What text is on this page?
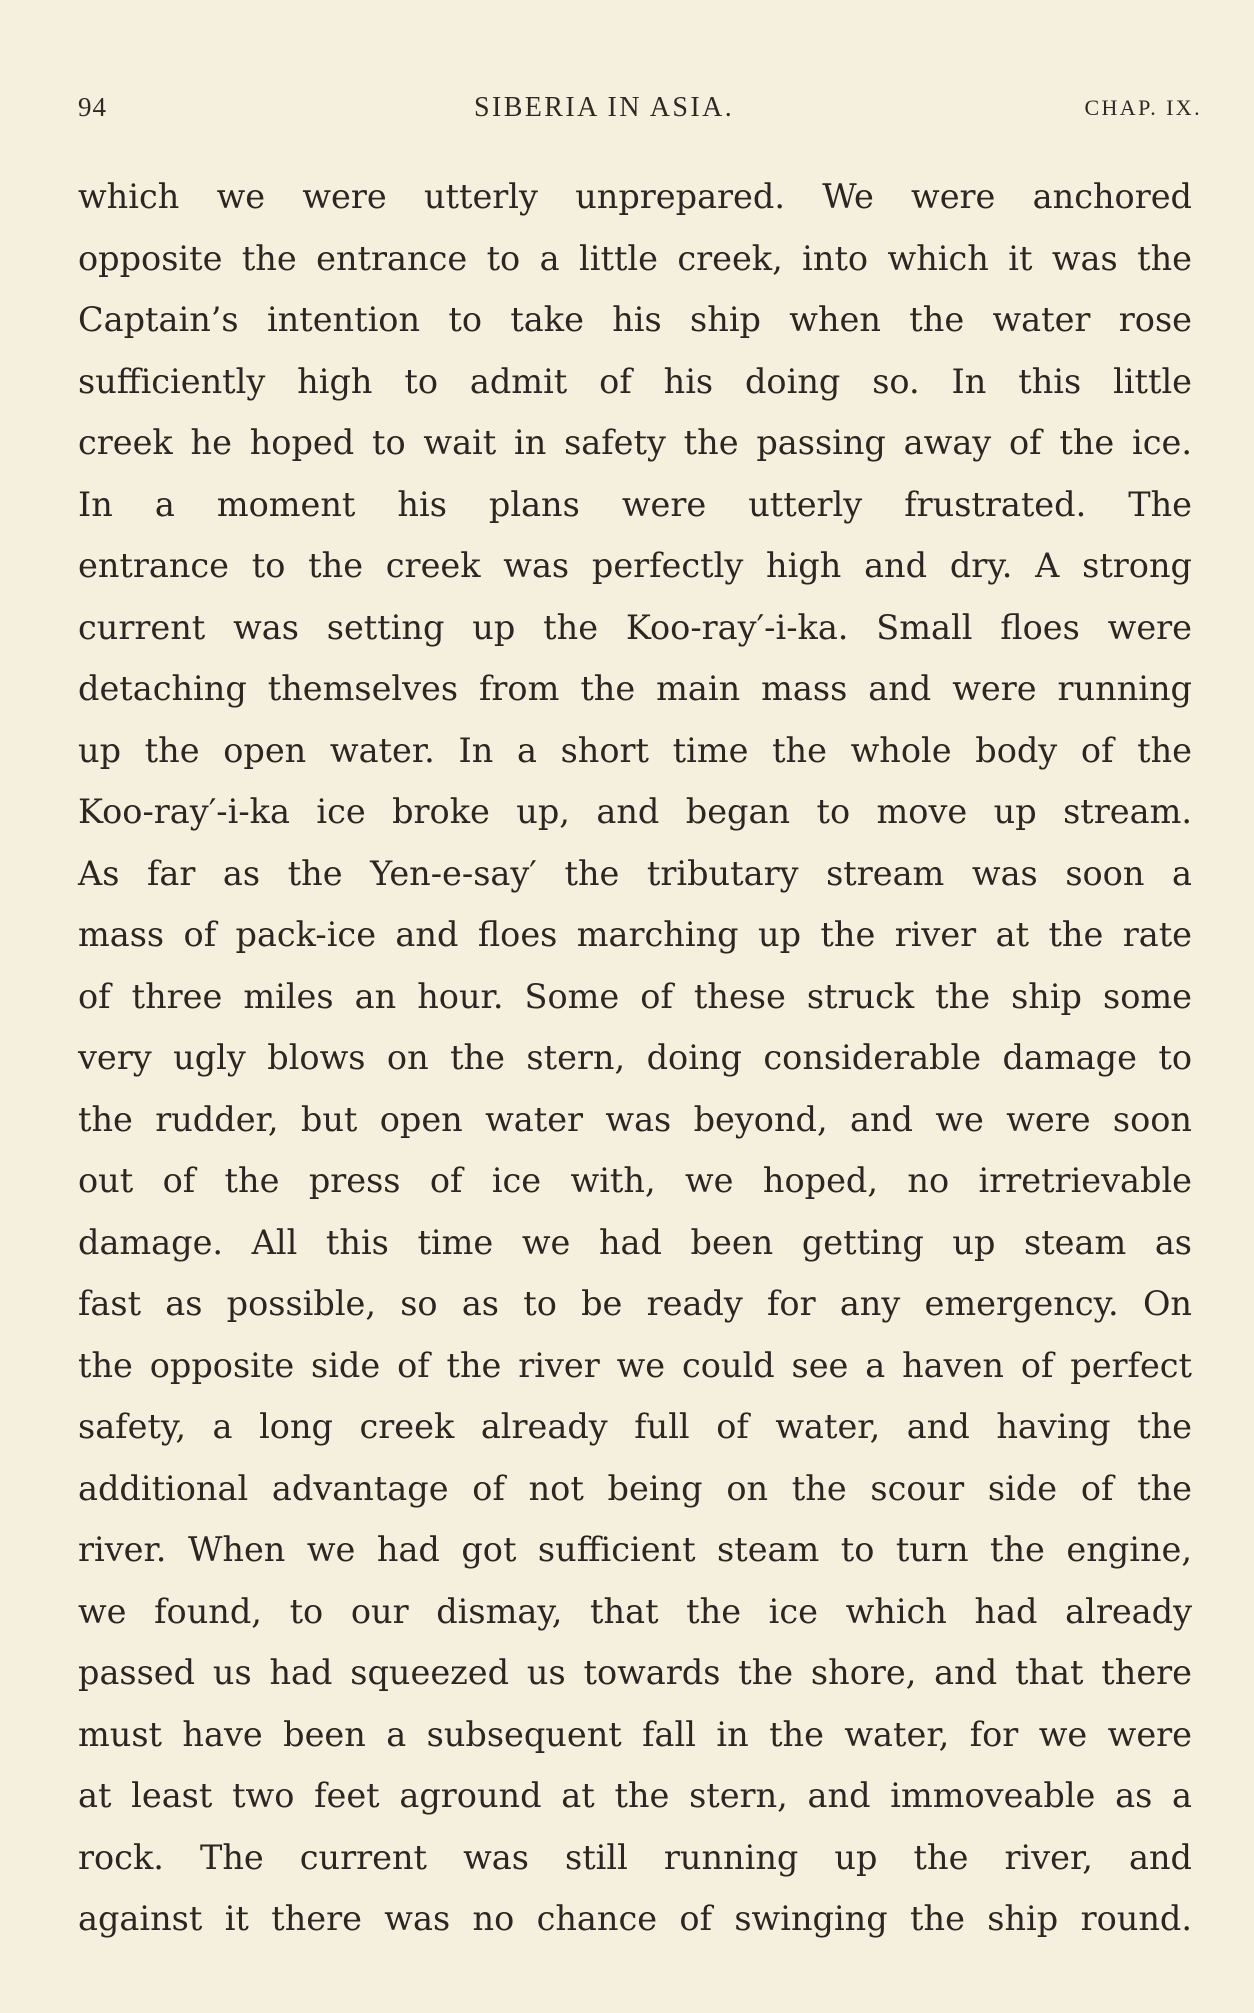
94	SIBERIA IN ASIA.	CHAP. IX.
which we were utterly unprepared. We were anchored
opposite the entrance to a little creek, into which it was the
Captain’s intention to take his ship when the water rose
sufficiently high to admit of his doing so. In this little
creek he hoped to wait in safety the passing away of the ice.
In a moment his plans were utterly frustrated. The
entrance to the creek was perfectly high and dry. A strong
current was setting up the Koo-ray′-i-ka. Small floes were
detaching themselves from the main mass and were running
up the open water. In a short time the whole body of the
Koo-ray′-i-ka ice broke up, and began to move up stream.
As far as the Yen-e-say′ the tributary stream was soon a
mass of pack-ice and floes marching up the river at the rate
of three miles an hour. Some of these struck the ship some
very ugly blows on the stern, doing considerable damage to
the rudder, but open water was beyond, and we were soon
out of the press of ice with, we hoped, no irretrievable
damage. All this time we had been getting up steam as
fast as possible, so as to be ready for any emergency. On
the opposite side of the river we could see a haven of perfect
safety, a long creek already full of water, and having the
additional advantage of not being on the scour side of the
river. When we had got sufficient steam to turn the engine,
we found, to our dismay, that the ice which had already
passed us had squeezed us towards the shore, and that there
must have been a subsequent fall in the water, for we were
at least two feet aground at the stern, and immoveable as a
rock. The current was still running up the river, and
against it there was no chance of swinging the ship round.
